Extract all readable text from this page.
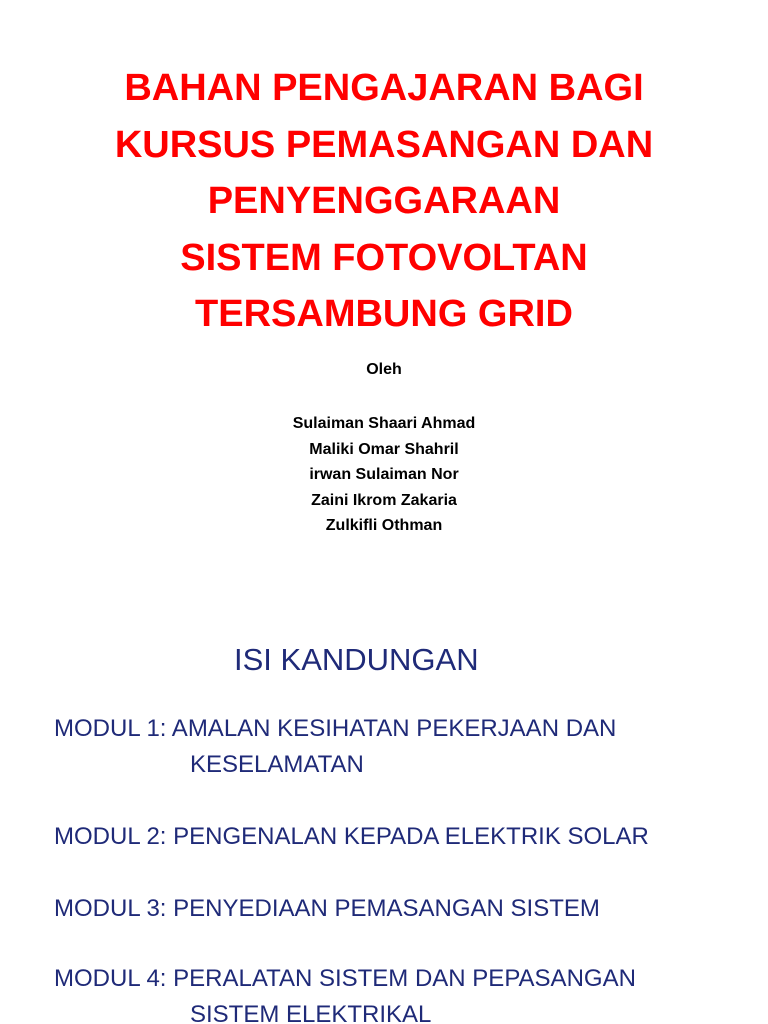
BAHAN PENGAJARAN BAGI
KURSUS PEMASANGAN DAN
PENYENGGARAAN
SISTEM FOTOVOLTAN
TERSAMBUNG GRID
Oleh
Sulaiman Shaari Ahmad
Maliki Omar Shahril
irwan Sulaiman Nor
Zaini Ikrom Zakaria
Zulkifli Othman
ISI KANDUNGAN
MODUL 1: AMALAN KESIHATAN PEKERJAAN DAN
KESELAMATAN
MODUL 2: PENGENALAN KEPADA ELEKTRIK SOLAR
MODUL 3: PENYEDIAAN PEMASANGAN SISTEM
MODUL 4: PERALATAN SISTEM DAN PEPASANGAN
SISTEM ELEKTRIKAL
